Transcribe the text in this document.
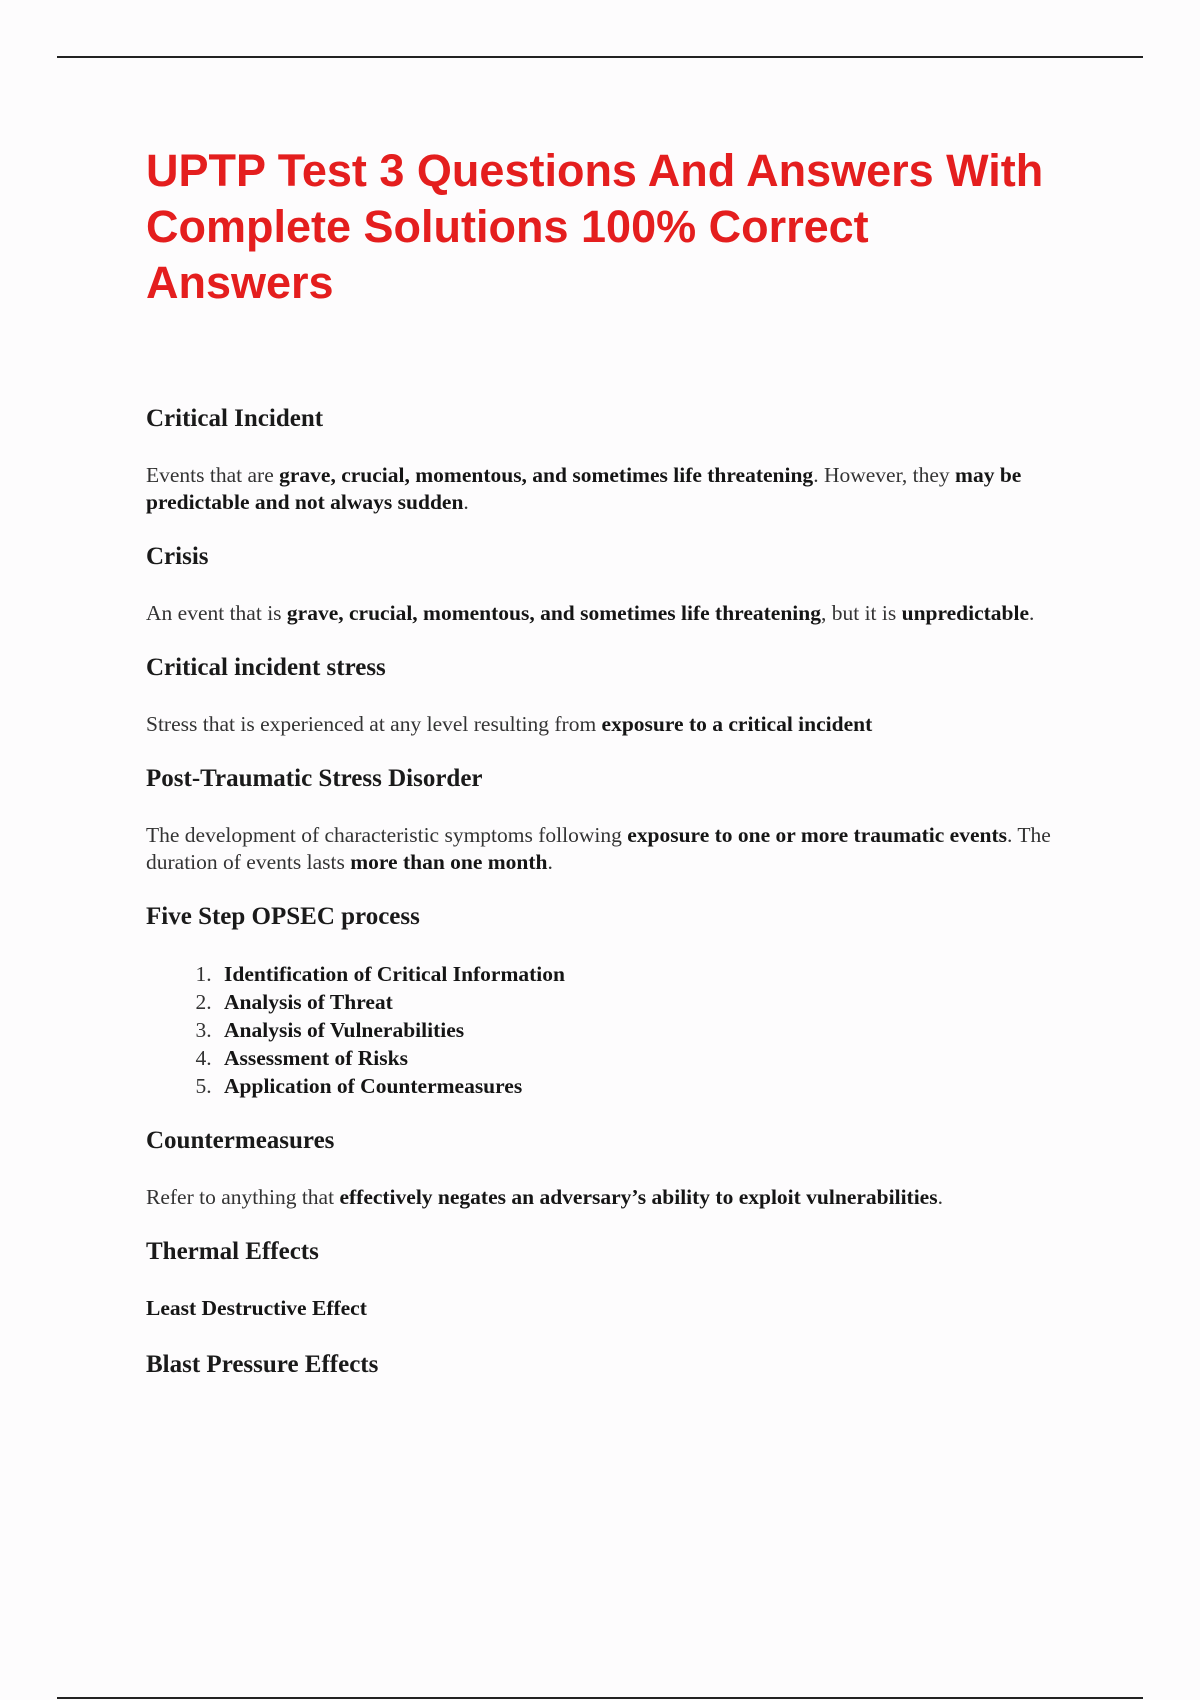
UPTP Test 3 Questions And Answers With Complete Solutions 100% Correct Answers
Critical Incident

Events that are grave, crucial, momentous, and sometimes life threatening. However, they may be predictable and not always sudden.

Crisis

An event that is grave, crucial, momentous, and sometimes life threatening, but it is unpredictable.

Critical incident stress

Stress that is experienced at any level resulting from exposure to a critical incident

Post-Traumatic Stress Disorder

The development of characteristic symptoms following exposure to one or more traumatic events. The duration of events lasts more than one month.

Five Step OPSEC process
1. Identification of Critical Information
2. Analysis of Threat
3. Analysis of Vulnerabilities
4. Assessment of Risks
5. Application of Countermeasures
Countermeasures

Refer to anything that effectively negates an adversary’s ability to exploit vulnerabilities.

Thermal Effects

Least Destructive Effect

Blast Pressure Effects
